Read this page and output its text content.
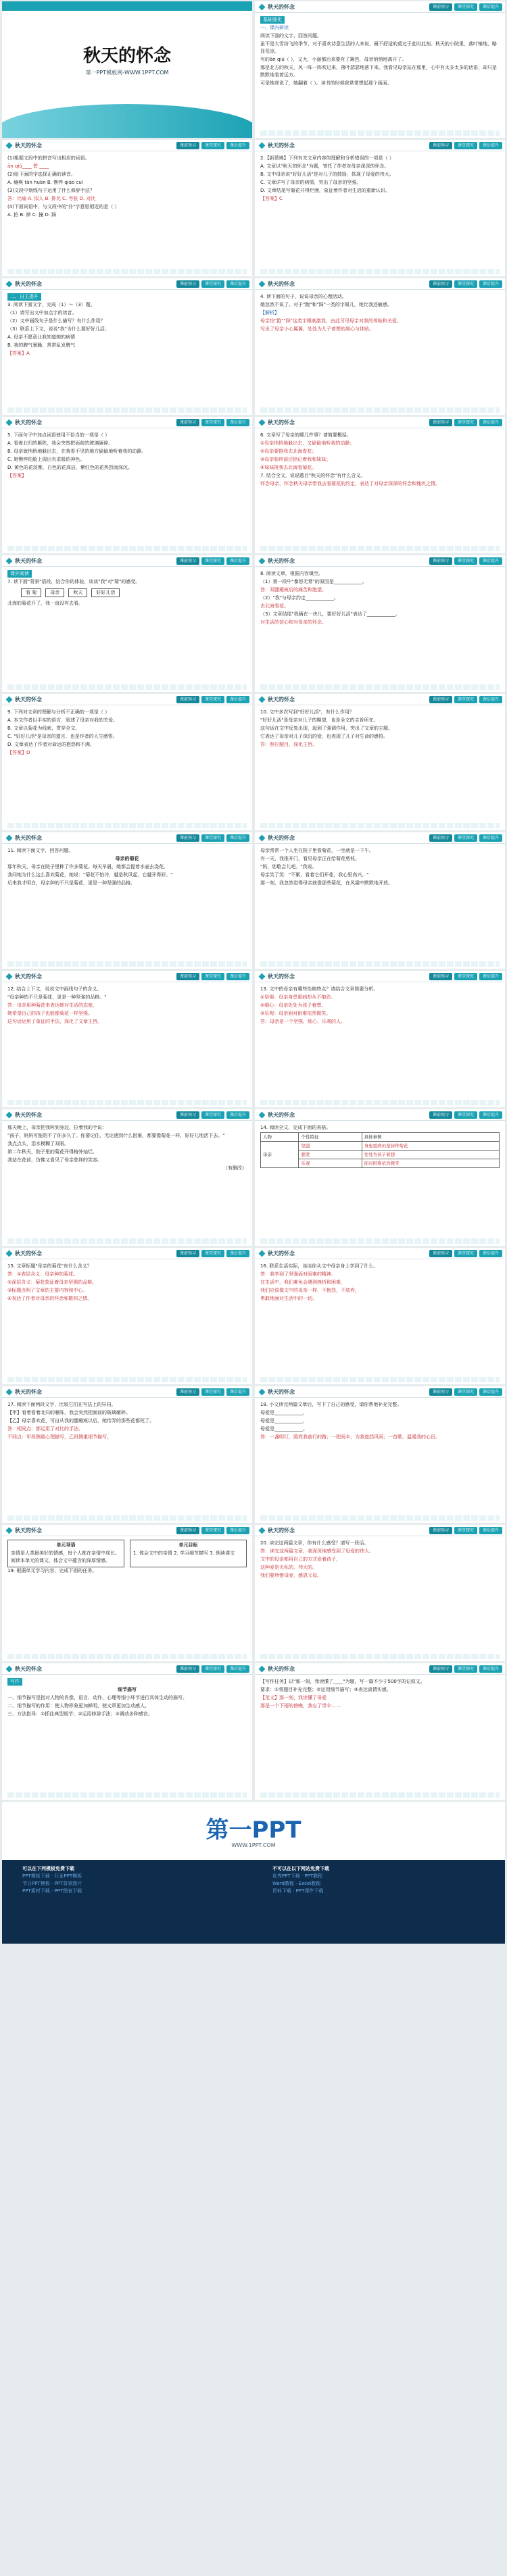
秋天的怀念
第一PPT模板网-WWW.1PPT.COM
秋天的怀念	课前预习	课堂探究	课后提升

基础强化

一、课内研读

阅读下面的文字，回答问题。

虽不是大雪纷飞的季节，对于喜欢诗意生活的人来说，最不舒适的莫过于此时此刻。秋天的小院里，落叶铺地，略显荒凉。

有的ān qiú（ ），又大，小丽都后来要有了篱笆，母亲悄悄地离开了。

那是北方的秋天，风一阵一阵吹过来，落叶瑟瑟地落下来。我看见母亲站在那里，心中有太多太多的话语，却只是默默地看着远方。

可是她却说了，她翻着（ ）。读书的时候我常常想起那个画面。

秋天的怀念	课前预习	课堂探究	课后提升

(1)根据文段中的拼音写出相应的词语。

ān qiú____ 碧 ____

(2)给下面的字选择正确的读音。

A. 瘫痪 tān huàn B. 憔悴 qiáo cuì

(3)文段中划线句子运用了什么修辞手法？

答：比喻 A. 拟人 B. 排比 C. 夸张 D. 对比

(4)下面词语中，与文段中的"扑"字意思相近的是（ ）

A. 拍 B. 摔 C. 撞 D. 踩

秋天的怀念	课前预习	课堂探究	课后提升

2.【新情境】下列有关文章内容的理解和分析错误的一项是（ ）

A. 文章以"秋天的怀念"为题，寄托了作者对母亲深深的怀念。

B. 文中母亲说"好好儿活"是对儿子的鼓励，体现了母爱的伟大。

C. 文章详写了母亲的病情，突出了母亲的坚强。

D. 文章结尾写菊花开得烂漫，象征着作者对生活的重新认识。

【答案】C

秋天的怀念	课前预习	课堂探究	课后提升

二、自主提升

3. 阅读下面文字，完成（1）～（3）题。

（1）请写出文中加点字的读音。

（2）文中画线句子是什么描写？有什么作用？

（3）联系上下文，说说"我"为什么要好好儿活。

A. 母亲不愿意让我知道她的病情

B. 我的脾气暴躁，常常乱发脾气

【答案】A

秋天的怀念	课前预习	课堂探究	课后提升

4. 读下面的句子，说说母亲的心理活动。

她忽然不说了。对于"跑"和"踩"一类的字眼儿，她比我还敏感。

【解析】

母亲怕"跑""踩"这类字眼刺激我，由此可见母亲对我的体贴和关爱。

写出了母亲小心翼翼、处处为儿子着想的细心与体贴。

秋天的怀念	课前预习	课堂探究	课后提升

5. 下面句子中加点词语使用不恰当的一项是（ ）

A. 看着北归的雁阵，我会突然把面前的玻璃砸碎。

B. 母亲就悄悄地躲出去，在我看不见的地方偷偷地听着我的动静。

C. 她憔悴的脸上现出央求般的神色。

D. 黄色的花淡雅，白色的花高洁，紫红色的花热烈而深沉。

【答案】

秋天的怀念	课前预习	课堂探究	课后提升

6. 文章写了母亲的哪几件事？请简要概括。

①母亲悄悄地躲出去，又偷偷地听我的动静；

②母亲要推我去北海看花；

③母亲临终前还惦记着我和妹妹；

④妹妹推我去北海看菊花。

7. 结合全文，说说题目"秋天的怀念"有什么含义。

怀念母亲，怀念秋天母亲带我去看菊花的约定，表达了对母亲深深的怀念和愧疚之情。

秋天的怀念	课前预习	课堂探究	课后提升

课外阅读

7. 读下面"背景"语段，结合你的体验，谈谈"我"对"菊"的感受。

看 菊	母亲	秋天	好好儿活

北海的菊花开了，我一直没有去看。

秋天的怀念	课前预习	课堂探究	课后提升

8. 阅读文章，根据内容填空。

（1）第一段中"暴怒无常"的原因是____________。

答：双腿瘫痪后的痛苦和绝望。

（2）"我"与母亲约定____________。

去北海看花。

（3）文章结尾"我俩在一块儿，要好好儿活"表达了____________。

对生活的信心和对母亲的怀念。

秋天的怀念	课前预习	课堂探究	课后提升

9. 下列对文章的理解与分析不正确的一项是（ ）

A. 本文作者以平实的语言，叙述了母亲对我的关爱。

B. 文章以菊花为线索，贯穿全文。

C. "好好儿活"是母亲的遗言，也是作者的人生感悟。

D. 文章表达了作者对命运的抱怨和不满。

【答案】D

秋天的怀念	课前预习	课堂探究	课后提升

10. 文中多次写到"好好儿活"，有什么作用？

"好好儿活"是母亲对儿子的期望，也是全文的主旨所在。

这句话在文中反复出现，起到了强调作用，突出了文章的主题。

它表达了母亲对儿子深沉的爱，也表现了儿子对生命的感悟。

答：照应题目，深化主旨。

秋天的怀念	课前预习	课堂探究	课后提升

11. 阅读下面文字，回答问题。

母亲的菊花

那年秋天，母亲在院子里种了许多菊花。每天早晨，她都会提着水壶去浇花。

我问她为什么这么喜欢菊花，她说："菊花不怕冷，越是秋风起，它越开得好。"

后来我才明白，母亲种的不只是菊花，更是一种坚强的品格。

秋天的怀念	课前预习	课堂探究	课后提升

母亲常常一个人坐在院子里看菊花，一坐就是一下午。

有一天，我推开门，看见母亲正在给菊花剪枝。

"妈，您歇会儿吧。"我说。

母亲笑了笑："不累，看着它们开花，我心里高兴。"

那一刻，我忽然觉得母亲就像那些菊花，在风霜中默默地开放。

秋天的怀念	课前预习	课堂探究	课后提升

12. 结合上下文，说说文中画线句子的含义。

"母亲种的不只是菊花，更是一种坚强的品格。"

答：母亲用种菊花来表达她对生活的态度，

她希望自己的孩子也能像菊花一样坚强。

这句话运用了象征的手法，深化了文章主旨。

秋天的怀念	课前预习	课堂探究	课后提升

13. 文中的母亲有哪些性格特点？请结合文章简要分析。

①坚强：母亲身患重病却从不抱怨。

②细心：母亲处处为孩子着想。

③乐观：母亲面对困难依然微笑。

答：母亲是一个坚强、细心、乐观的人。

秋天的怀念	课前预习	课堂探究	课后提升

那天晚上，母亲把我叫到身边，拉着我的手说：

"孩子，妈妈可能陪不了你多久了。你要记住，无论遇到什么困难，都要像菊花一样，好好儿地活下去。"

我点点头，泪水模糊了双眼。

第二年秋天，院子里的菊花开得格外灿烂。

我站在花前，仿佛又看见了母亲慈祥的笑容。

（有删改）

秋天的怀念	课前预习	课堂探究	课后提升

14. 阅读全文，完成下面的表格。

人物	个性特征	具体事例
母亲	坚强	身患重病仍坚持种菊花
	慈爱	处处为孩子着想
	乐观	面对困难依然微笑
秋天的怀念	课前预习	课堂探究	课后提升

15. 文章标题"母亲的菊花"有什么含义？

答：①表层含义：母亲种的菊花。

②深层含义：菊花象征着母亲坚强的品格。

③标题点明了文章的主要内容和中心。

④表达了作者对母亲的怀念和敬仰之情。

秋天的怀念	课前预习	课堂探究	课后提升

16. 联系生活实际，谈谈你从文中母亲身上学到了什么。

答：我学到了坚强面对困难的精神。

在生活中，我们难免会遇到挫折和困难，

我们应该像文中的母亲一样，不抱怨，不放弃，

勇敢地面对生活中的一切。

秋天的怀念	课前预习	课堂探究	课后提升

17. 阅读下面两段文字，比较它们在写法上的异同。

【甲】看着看着北归的雁阵，我会突然把面前的玻璃砸碎。

【乙】母亲喜欢花，可自从我的腿瘫痪以后，她侍弄的那些花都死了。

答：相同点：都运用了对比的手法。

不同点：甲段侧重心理描写，乙段侧重细节描写。

秋天的怀念	课前预习	课堂探究	课后提升

18. 小文读完两篇文章后，写下了自己的感受，请你帮他补充完整。

母爱是____________，

母爱是____________，

母爱是____________。

答：一盏明灯，照亮我前行的路；一把雨伞，为我遮挡风雨；一首歌，温暖我的心田。

秋天的怀念	课前预习	课堂探究	课后提升

单元导语

亲情是人类最美好的情感，每个人都在亲情中成长。阅读本单元的课文，体会文中蕴含的深厚情感。

单元目标

1. 体会文中的亲情 2. 学习细节描写 3. 朗读课文

19. 根据单元学习内容，完成下面的任务。

秋天的怀念	课前预习	课堂探究	课后提升

20. 读完这两篇文章，你有什么感受？请写一段话。

答：读完这两篇文章，我深深地感受到了母爱的伟大。

文中的母亲都用自己的方式爱着孩子，

这种爱是无私的、伟大的。

我们要珍惜母爱，感恩父母。

秋天的怀念	课前预习	课堂探究	课后提升

写作

细节描写

一、细节描写是指对人物的肖像、语言、动作、心理等细小环节进行具体生动的描写。

二、细节描写的作用：使人物形象更加鲜明，使文章更加生动感人。

三、方法指导：①抓住典型细节；②运用修辞手法；③调动多种感官。

秋天的怀念	课前预习	课堂探究	课后提升

【写作任务】以"那一刻，我读懂了____"为题，写一篇不少于500字的记叙文。

要求：①将题目补充完整；②运用细节描写；③表达真情实感。

【范文】那一刻，我读懂了母爱

那是一个下雨的傍晚，我忘了带伞……

第一PPT
WWW.1PPT.COM

可以在下列模板免费下载

PPT模板下载 · 行业PPT模板

节日PPT模板 · PPT背景图片

PPT素材下载 · PPT图表下载

不可以在以下网站免费下载

优秀PPT下载 · PPT教程

Word教程 · Excel教程

资料下载 · PPT课件下载
